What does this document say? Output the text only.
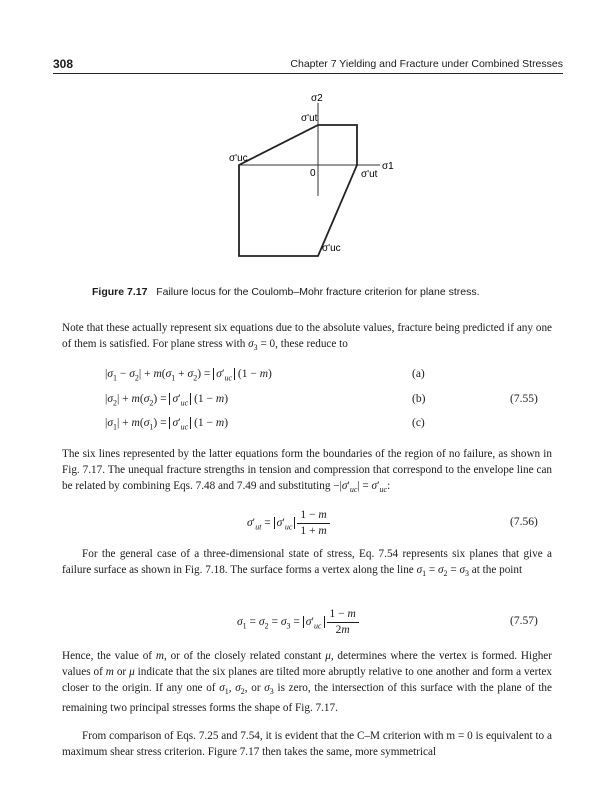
308	Chapter 7 Yielding and Fracture under Combined Stresses
σ2
σ'ut
σ'uc
0	σ'ut
σ1
σ'uc
Figure 7.17 Failure locus for the Coulomb–Mohr fracture criterion for plane stress.
Note that these actually represent six equations due to the absolute values, fracture being predicted if any one of them is satisfied. For plane stress with $\sigma_3 = 0$, these reduce to
$|\sigma_1 - \sigma_2| + m(\sigma_1 + \sigma_2) = \sigma'_{uc}$ (1 − m)	(a)
$|\sigma_2| + m(\sigma_2) = \sigma'_{uc}$ (1 − m)	(b)	(7.55)
$|\sigma_1| + m(\sigma_1) = \sigma'_{uc}$ (1 − m)	(c)
The six lines represented by the latter equations form the boundaries of the region of no failure, as shown in Fig. 7.17. The unequal fracture strengths in tension and compression that correspond to the envelope line can be related by combining Eqs. 7.48 and 7.49 and substituting $-|\sigma'_{uc}| = \sigma'_{uc}$:
$\sigma'_{ut} = \sigma'_{uc} \frac{1 - m}{1 + m}$	(7.56)
For the general case of a three-dimensional state of stress, Eq. 7.54 represents six planes that give a failure surface as shown in Fig. 7.18. The surface forms a vertex along the line $\sigma_1 = \sigma_2 = \sigma_3$ at the point
$\sigma_1 = \sigma_2 = \sigma_3 = \sigma'_{uc} \frac{1 - m}{2m}$	(7.57)
Hence, the value of m, or of the closely related constant μ, determines where the vertex is formed. Higher values of m or μ indicate that the six planes are tilted more abruptly relative to one another and form a vertex closer to the origin. If any one of $\sigma_1$, $\sigma_2$, or $\sigma_3$ is zero, the intersection of this surface with the plane of the remaining two principal stresses forms the shape of Fig. 7.17.
From comparison of Eqs. 7.25 and 7.54, it is evident that the C–M criterion with m = 0 is equivalent to a maximum shear stress criterion. Figure 7.17 then takes the same, more symmetrical
